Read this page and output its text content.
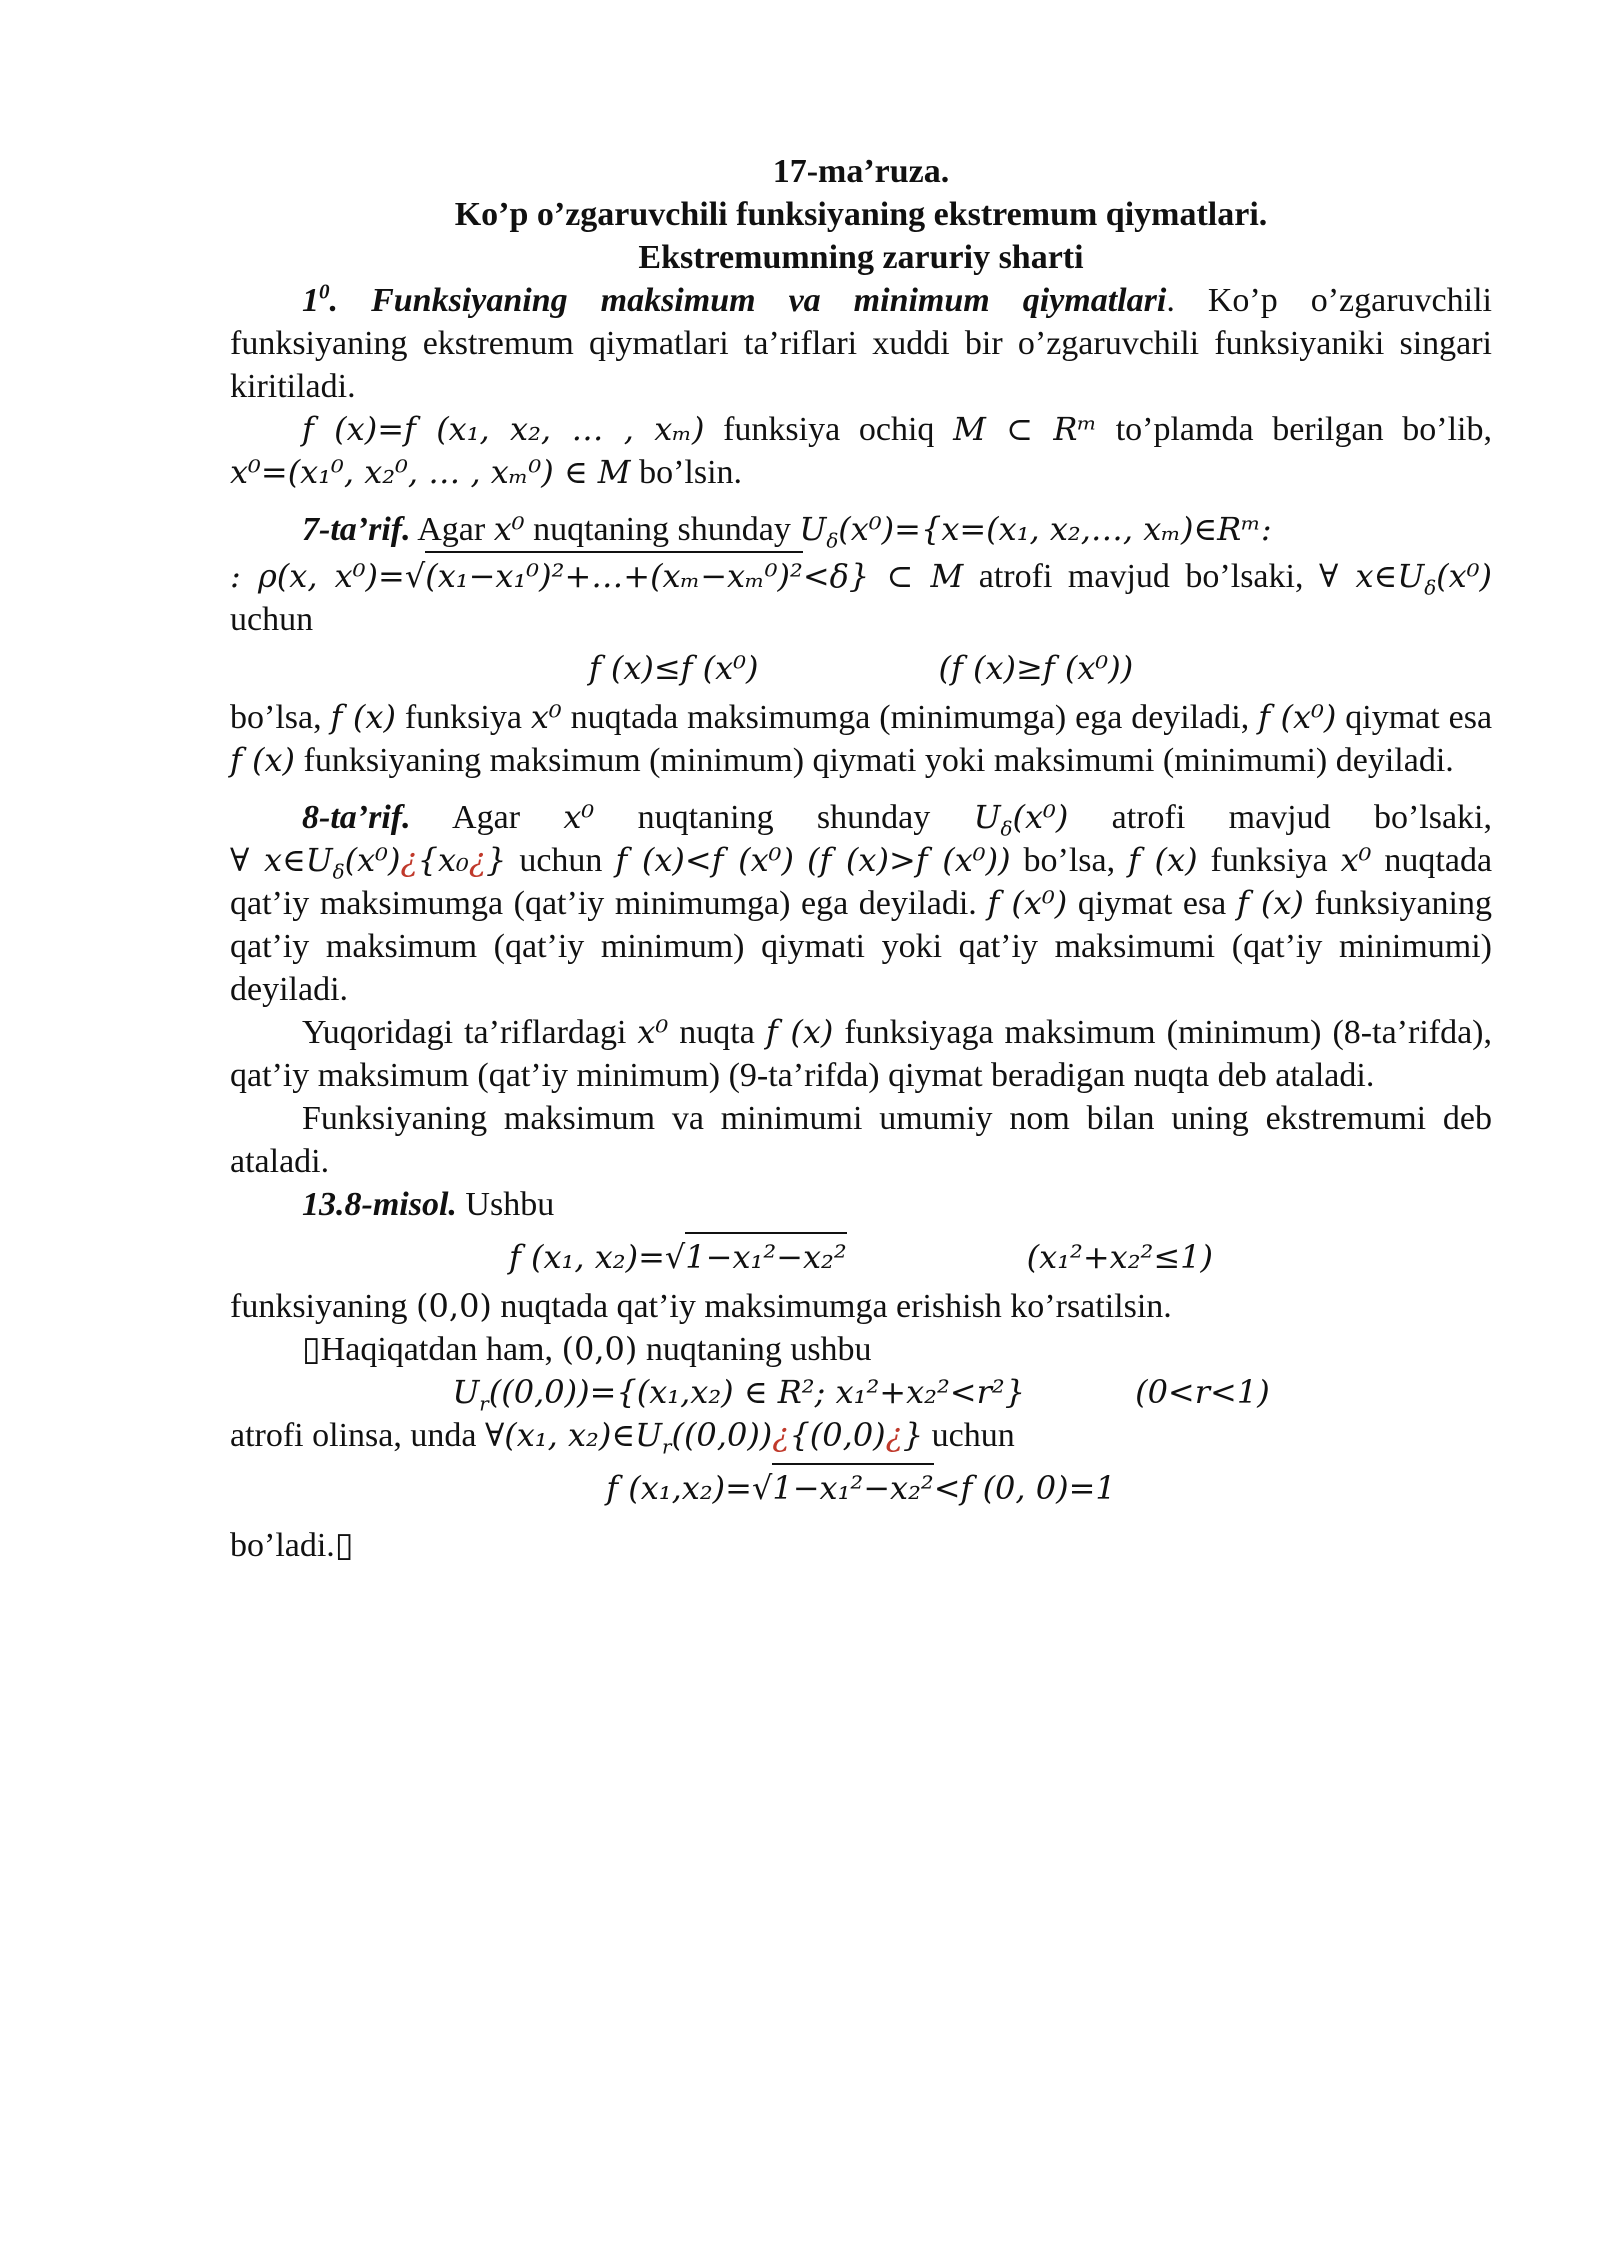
17-ma’ruza.

Ko’p o’zgaruvchili funksiyaning ekstremum qiymatlari.

Ekstremumning zaruriy sharti

$1^0$. Funksiyaning maksimum va minimum qiymatlari. Ko’p o’zgaruvchili funksiyaning ekstremum qiymatlari ta’riflari xuddi bir o’zgaruvchili funksiyaniki singari kiritiladi.

f (x)=f (x₁, x₂, … , xₘ) funksiya ochiq M ⊂ Rᵐ to’plamda berilgan bo’lib, x⁰=(x₁⁰, x₂⁰, … , xₘ⁰) ∈ M bo’lsin.

7-ta’rif. Agar x⁰ nuqtaning shunday $U_\delta(x^0)=\{x=(x_1$, x₂,…, xₘ)∈Rᵐ:

: ρ(x, x⁰)=√(x₁−x₁⁰)²+…+(xₘ−xₘ⁰)²<δ} ⊂ M atrofi mavjud bo’lsaki, ∀ $x\in U_\delta(x^0)$ uchun

f (x)≤f (x⁰)	(f (x)≥f (x⁰))

bo’lsa, f (x) funksiya x⁰ nuqtada maksimumga (minimumga) ega deyiladi, f (x⁰) qiymat esa f (x) funksiyaning maksimum (minimum) qiymati yoki maksimumi (minimumi) deyiladi.

8-ta’rif. Agar x⁰ nuqtaning shunday $U_\delta(x^0)$ atrofi mavjud bo’lsaki, ∀ $x\in U_\delta(x^0)¿\{x_0¿\}$ uchun f (x)<f (x⁰) (f (x)>f (x⁰)) bo’lsa, f (x) funksiya x⁰ nuqtada qat’iy maksimumga (qat’iy minimumga) ega deyiladi. f (x⁰) qiymat esa f (x) funksiyaning qat’iy maksimum (qat’iy minimum) qiymati yoki qat’iy maksimumi (qat’iy minimumi) deyiladi.

Yuqoridagi ta’riflardagi x⁰ nuqta f (x) funksiyaga maksimum (minimum) (8-ta’rifda), qat’iy maksimum (qat’iy minimum) (9-ta’rifda) qiymat beradigan nuqta deb ataladi.

Funksiyaning maksimum va minimumi umumiy nom bilan uning ekstremumi deb ataladi.

13.8-misol. Ushbu

f (x₁, x₂)=√1−x₁²−x₂²	(x₁²+x₂²≤1)

funksiyaning (0,0) nuqtada qat’iy maksimumga erishish ko’rsatilsin.

▯Haqiqatdan ham, (0,0) nuqtaning ushbu

$U_r((0,0))=\{(x_1,x_2)$ ∈ R²; x₁²+x₂²<r²}	(0<r<1)

atrofi olinsa, unda ∀(x₁, $x_2)\in U_r((0,0))¿\{(0,0)¿\}$ uchun

f (x₁,x₂)=√1−x₁²−x₂²<f (0, 0)=1

bo’ladi.▯
